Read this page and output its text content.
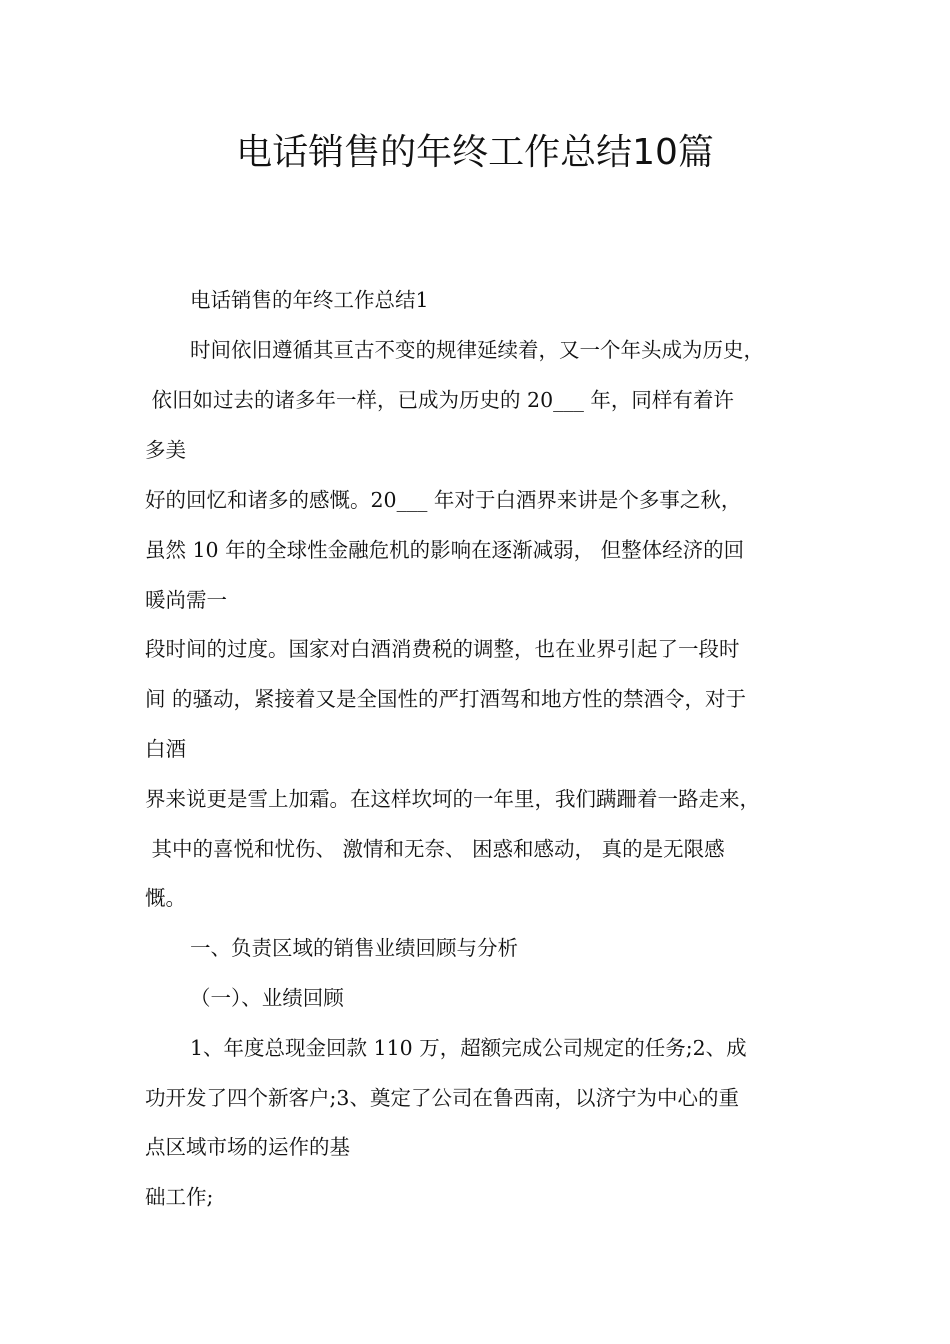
电话销售的年终工作总结10篇
电话销售的年终工作总结1
时间依旧遵循其亘古不变的规律延续着，又一个年头成为历史，
依旧如过去的诸多年一样，已成为历史的 20___ 年，同样有着许
多美
好的回忆和诸多的感慨。20___ 年对于白酒界来讲是个多事之秋，
虽然 10 年的全球性金融危机的影响在逐渐减弱， 但整体经济的回
暖尚需一
段时间的过度。国家对白酒消费税的调整，也在业界引起了一段时
间 的骚动，紧接着又是全国性的严打酒驾和地方性的禁酒令，对于
白酒
界来说更是雪上加霜。在这样坎坷的一年里，我们蹒跚着一路走来，
其中的喜悦和忧伤、 激情和无奈、 困惑和感动， 真的是无限感
慨。
一、负责区域的销售业绩回顾与分析
（一）、业绩回顾
1、年度总现金回款 110 万，超额完成公司规定的任务;2、成
功开发了四个新客户;3、奠定了公司在鲁西南，以济宁为中心的重
点区域市场的运作的基
础工作;
